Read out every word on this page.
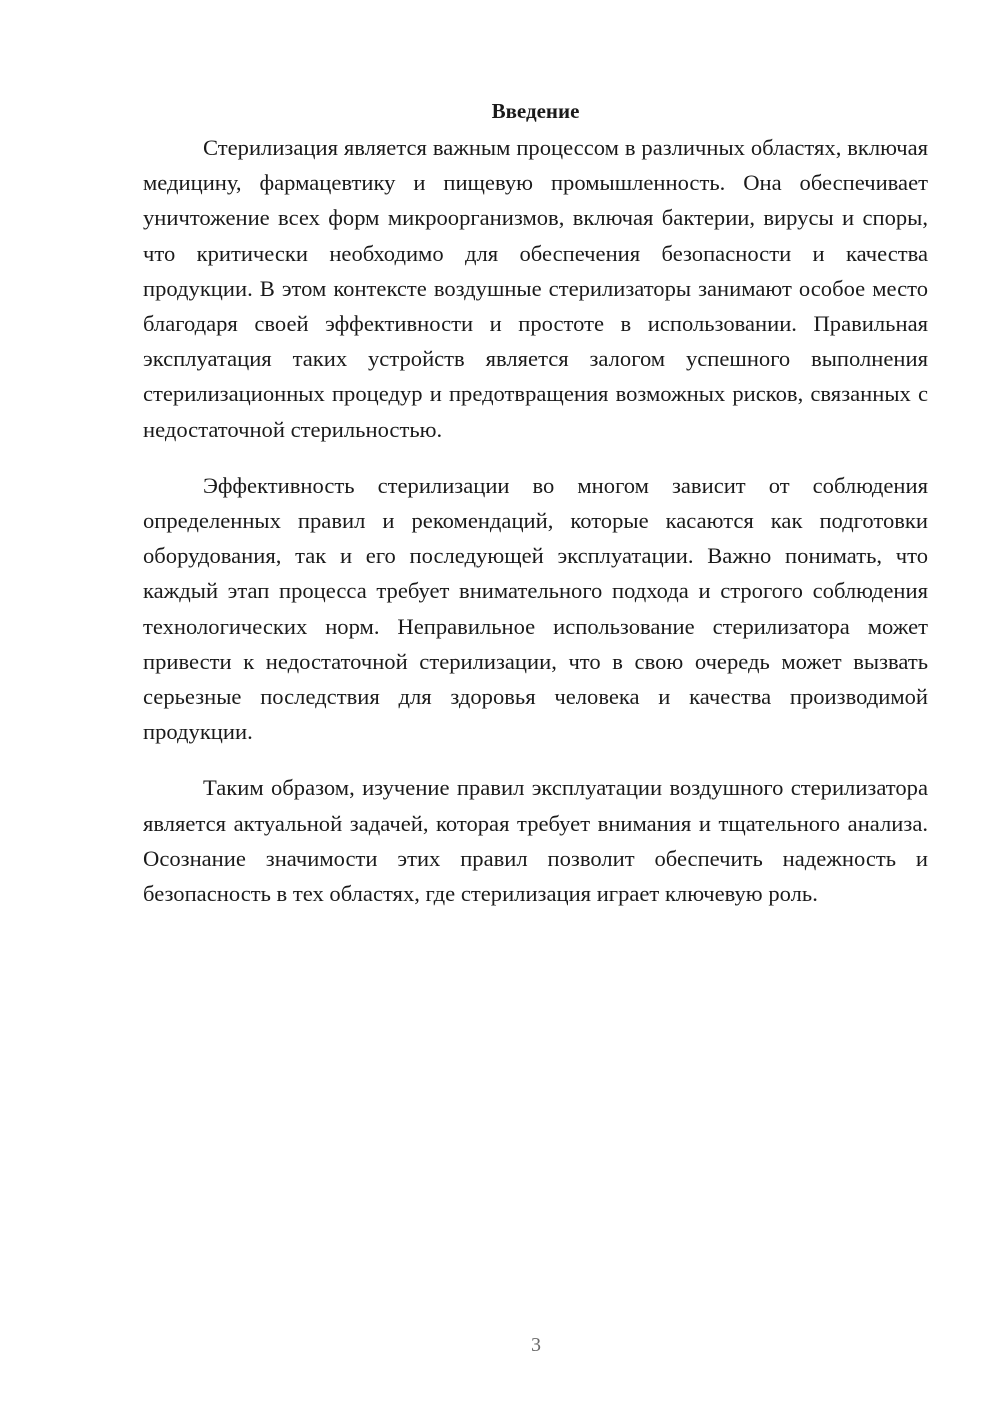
Введение

Стерилизация является важным процессом в различных областях, включая медицину, фармацевтику и пищевую промышленность. Она обеспечивает уничтожение всех форм микроорганизмов, включая бактерии, вирусы и споры, что критически необходимо для обеспечения безопасности и качества продукции. В этом контексте воздушные стерилизаторы занимают особое место благодаря своей эффективности и простоте в использовании. Правильная эксплуатация таких устройств является залогом успешного выполнения стерилизационных процедур и предотвращения возможных рисков, связанных с недостаточной стерильностью.

Эффективность стерилизации во многом зависит от соблюдения определенных правил и рекомендаций, которые касаются как подготовки оборудования, так и его последующей эксплуатации. Важно понимать, что каждый этап процесса требует внимательного подхода и строгого соблюдения технологических норм. Неправильное использование стерилизатора может привести к недостаточной стерилизации, что в свою очередь может вызвать серьезные последствия для здоровья человека и качества производимой продукции.

Таким образом, изучение правил эксплуатации воздушного стерилизатора является актуальной задачей, которая требует внимания и тщательного анализа. Осознание значимости этих правил позволит обеспечить надежность и безопасность в тех областях, где стерилизация играет ключевую роль.

3
